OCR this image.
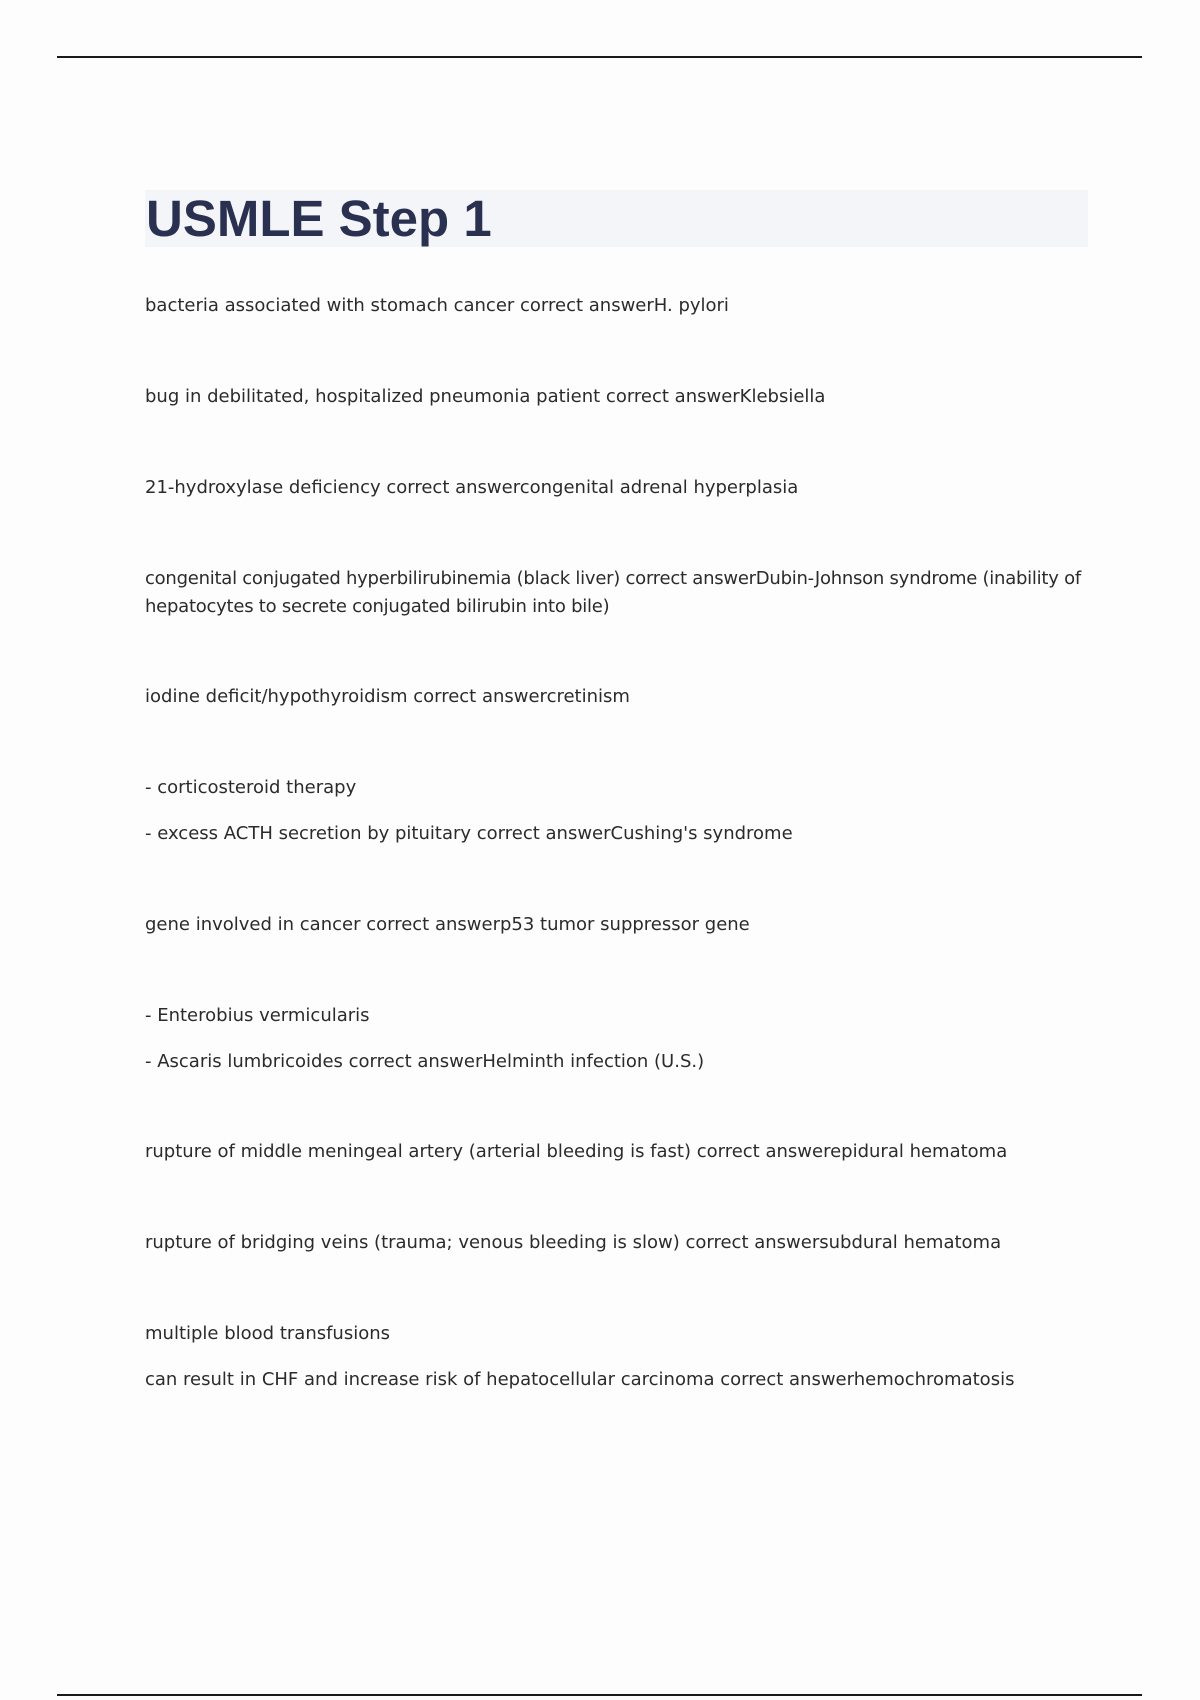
USMLE Step 1
bacteria associated with stomach cancer correct answerH. pylori
bug in debilitated, hospitalized pneumonia patient correct answerKlebsiella
21-hydroxylase deficiency correct answercongenital adrenal hyperplasia
congenital conjugated hyperbilirubinemia (black liver) correct answerDubin-Johnson syndrome (inability of hepatocytes to secrete conjugated bilirubin into bile)
iodine deficit/hypothyroidism correct answercretinism
- corticosteroid therapy
- excess ACTH secretion by pituitary correct answerCushing's syndrome
gene involved in cancer correct answerp53 tumor suppressor gene
- Enterobius vermicularis
- Ascaris lumbricoides correct answerHelminth infection (U.S.)
rupture of middle meningeal artery (arterial bleeding is fast) correct answerepidural hematoma
rupture of bridging veins (trauma; venous bleeding is slow) correct answersubdural hematoma
multiple blood transfusions
can result in CHF and increase risk of hepatocellular carcinoma correct answerhemochromatosis
